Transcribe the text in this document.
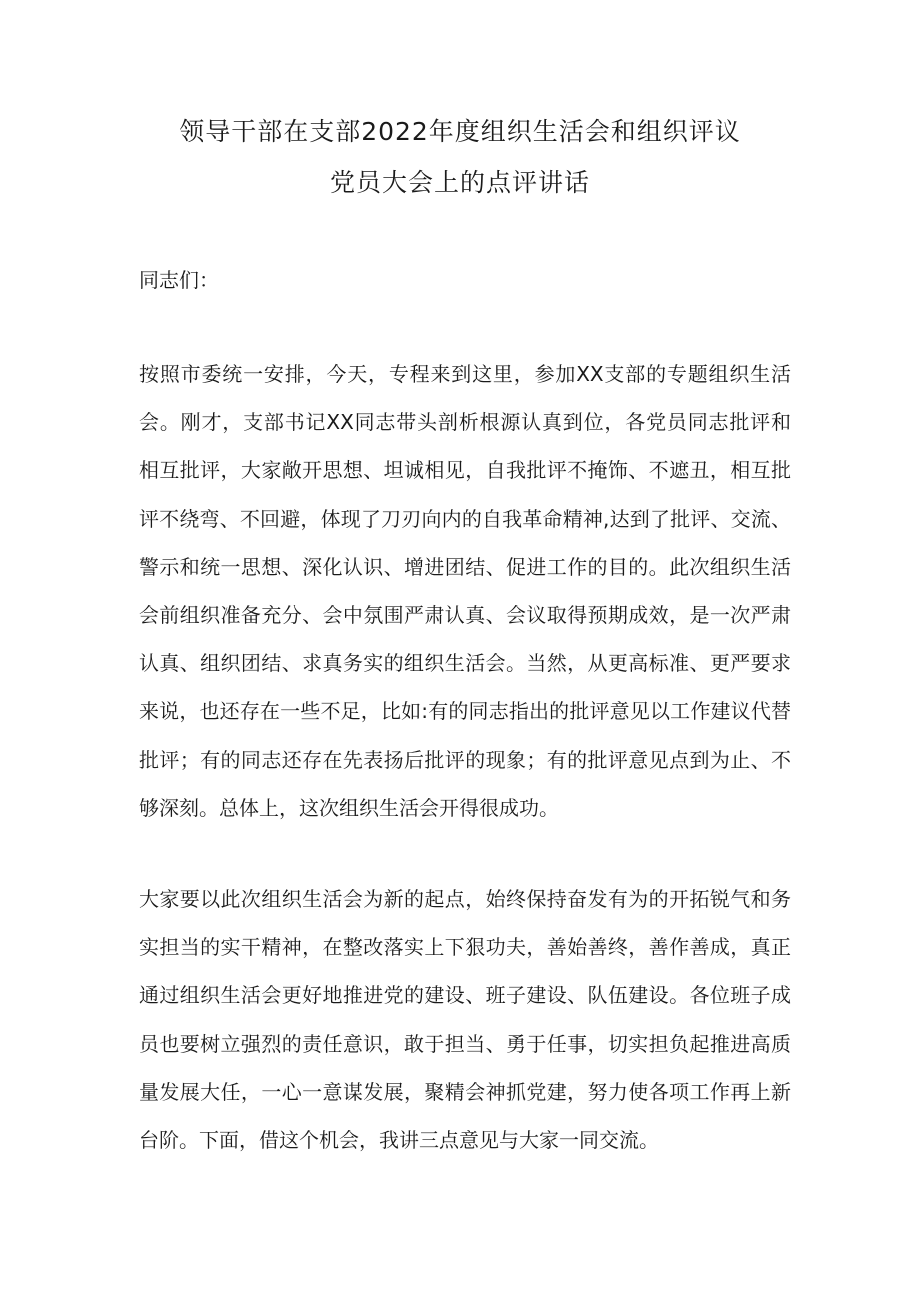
领导干部在支部2022年度组织生活会和组织评议
党员大会上的点评讲话
同志们：
按照市委统一安排，今天，专程来到这里，参加XX支部的专题组织生活
会。刚才，支部书记XX同志带头剖析根源认真到位，各党员同志批评和
相互批评，大家敞开思想、坦诚相见，自我批评不掩饰、不遮丑，相互批
评不绕弯、不回避，体现了刀刃向内的自我革命精神,达到了批评、交流、
警示和统一思想、深化认识、增进团结、促进工作的目的。此次组织生活
会前组织准备充分、会中氛围严肃认真、会议取得预期成效，是一次严肃
认真、组织团结、求真务实的组织生活会。当然，从更高标准、更严要求
来说，也还存在一些不足，比如:有的同志指出的批评意见以工作建议代替
批评；有的同志还存在先表扬后批评的现象；有的批评意见点到为止、不
够深刻。总体上，这次组织生活会开得很成功。
大家要以此次组织生活会为新的起点，始终保持奋发有为的开拓锐气和务
实担当的实干精神，在整改落实上下狠功夫，善始善终，善作善成，真正
通过组织生活会更好地推进党的建设、班子建设、队伍建设。各位班子成
员也要树立强烈的责任意识，敢于担当、勇于任事，切实担负起推进高质
量发展大任，一心一意谋发展，聚精会神抓党建，努力使各项工作再上新
台阶。下面，借这个机会，我讲三点意见与大家一同交流。
